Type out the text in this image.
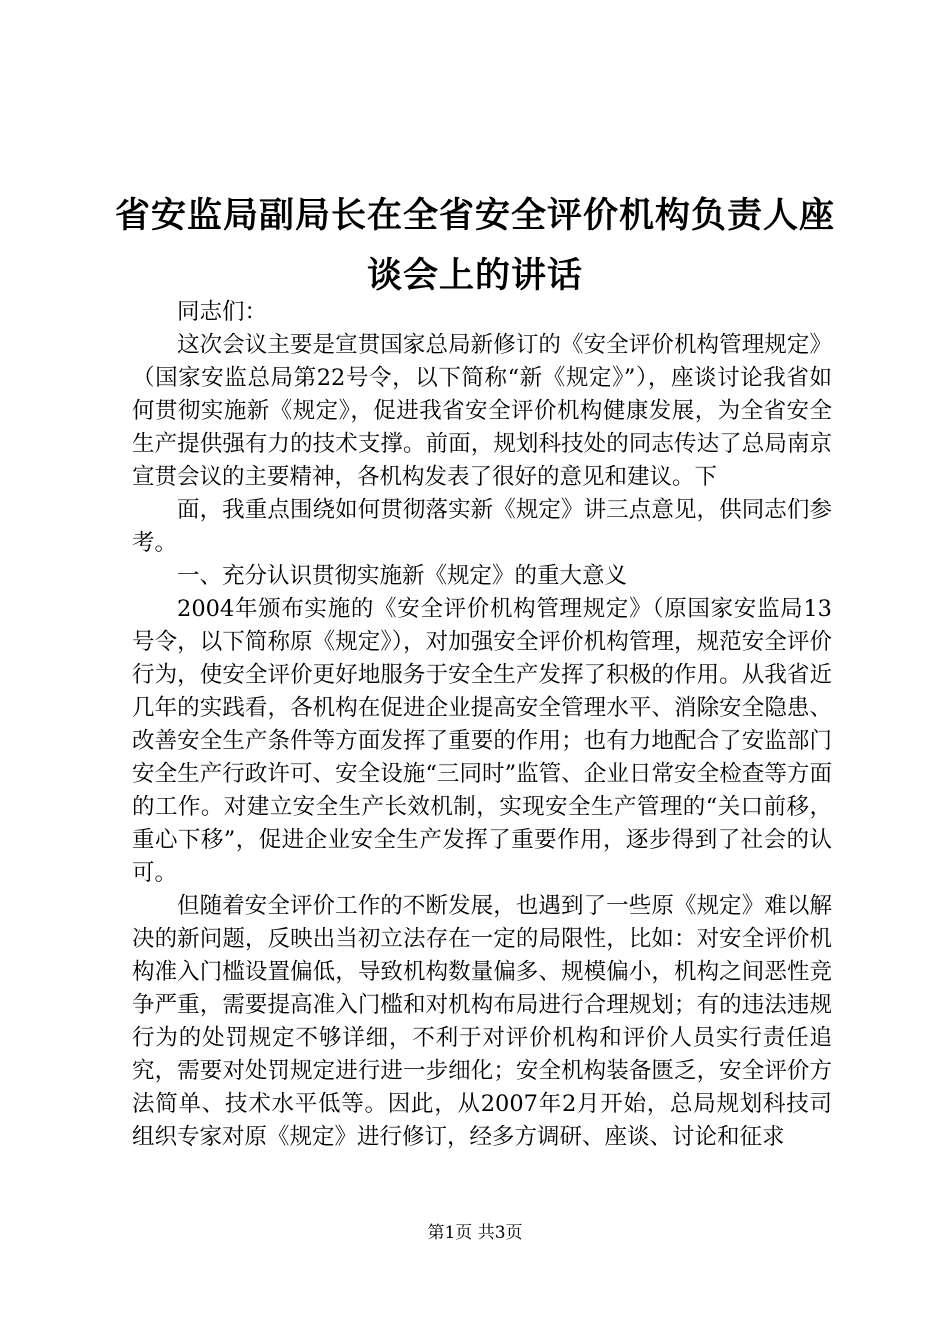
省安监局副局长在全省安全评价机构负责人座
谈会上的讲话

同志们：

这次会议主要是宣贯国家总局新修订的《安全评价机构管理规定》（国家安监总局第22号令，以下简称“新《规定》”），座谈讨论我省如何贯彻实施新《规定》，促进我省安全评价机构健康发展，为全省安全生产提供强有力的技术支撑。前面，规划科技处的同志传达了总局南京宣贯会议的主要精神，各机构发表了很好的意见和建议。下

面，我重点围绕如何贯彻落实新《规定》讲三点意见，供同志们参考。

一、充分认识贯彻实施新《规定》的重大意义

2004年颁布实施的《安全评价机构管理规定》（原国家安监局13号令，以下简称原《规定》），对加强安全评价机构管理，规范安全评价行为，使安全评价更好地服务于安全生产发挥了积极的作用。从我省近几年的实践看，各机构在促进企业提高安全管理水平、消除安全隐患、改善安全生产条件等方面发挥了重要的作用；也有力地配合了安监部门安全生产行政许可、安全设施“三同时”监管、企业日常安全检查等方面的工作。对建立安全生产长效机制，实现安全生产管理的“关口前移，重心下移”，促进企业安全生产发挥了重要作用，逐步得到了社会的认可。

但随着安全评价工作的不断发展，也遇到了一些原《规定》难以解决的新问题，反映出当初立法存在一定的局限性，比如：对安全评价机构准入门槛设置偏低，导致机构数量偏多、规模偏小，机构之间恶性竞争严重，需要提高准入门槛和对机构布局进行合理规划；有的违法违规行为的处罚规定不够详细，不利于对评价机构和评价人员实行责任追究，需要对处罚规定进行进一步细化；安全机构装备匮乏，安全评价方法简单、技术水平低等。因此，从2007年2月开始，总局规划科技司组织专家对原《规定》进行修订，经多方调研、座谈、讨论和征求

第1页 共3页
